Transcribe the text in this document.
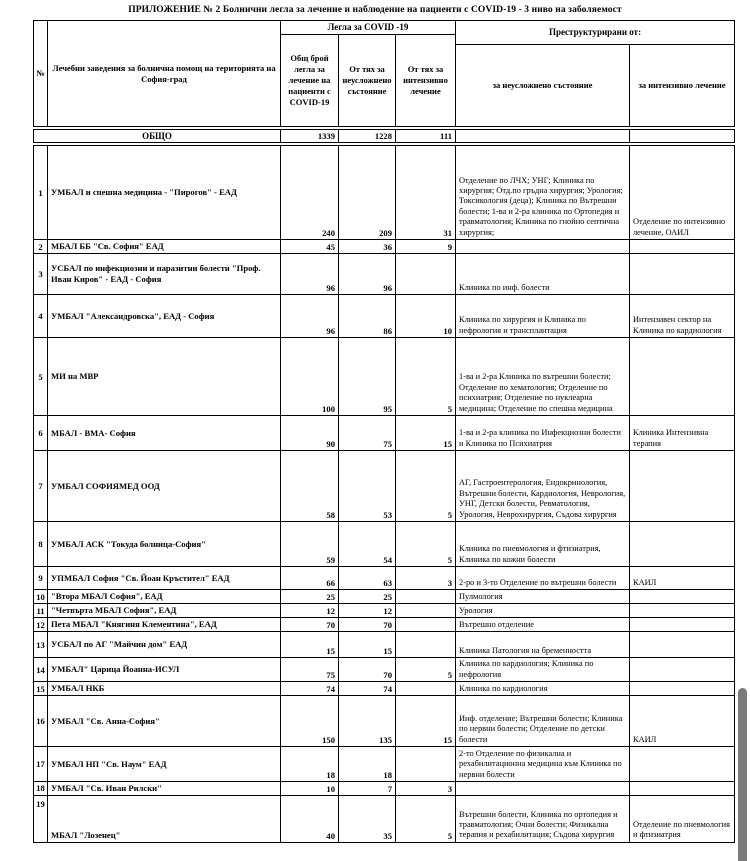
ПРИЛОЖЕНИЕ № 2 Болнични легла за лечение и наблюдение на пациенти с COVID-19 - 3 ниво на заболяемост
№	Лечебни заведения за болнична помощ на територията на София-град	Легла за COVID -19			Преструктурирани от:	
		Общ брой легла за лечение на пациенти с COVID-19	От тях за неусложнено състояние	От тях за интензивно лечение		
					за неусложнено състояние	за интензивно лечение
ОБЩО	1339	1228	111		
1	УМБАЛ и спешна медицина - "Пирогов" - ЕАД	240	209	31	Отделение по ЛЧХ; УНГ; Клиника по хирургия; Отд.по гръдна хирургия; Урология; Токсикология (деца); Клиника по Вътрешни болести; 1-ва и 2-ра клиника по Ортопедия и травматология; Клиника по гнойно септична хирургия;	Отделение по интензивно лечение, ОАИЛ
2	МБАЛ ББ "Св. София" ЕАД	45	36	9		
3	УСБАЛ по инфекциозни и паразитни болести "Проф. Иван Киров" - ЕАД - София	96	96		Клиника по инф. болести	
4	УМБАЛ "Александровска", ЕАД - София	96	86	10	Клиника по хирургия и Клиника по нефрология и трансплантация	Интензивен сектор на Клиника по кардиология
5	МИ на МВР	100	95	5	1-ва и 2-ра Клиника по вътрешни болести; Отделение по хематология; Отделение по психиатрия; Отделение по нуклеарна медицина; Отделение по спешна медицина	
6	МБАЛ - ВМА- София	90	75	15	1-ва и 2-ра клиника по Инфекциозни болести и Клиника по Психиатрия	Клиника Интензивна терапия
7	УМБАЛ СОФИЯМЕД ООД	58	53	5	АГ, Гастроентерология, Ендокринология, Вътрешни болести, Кардиология, Неврология, УНГ, Детски болести, Ревматология, Урология, Неврохирургия, Съдова хирургия	
8	УМБАЛ АСК "Токуда болница-София"	59	54	5	Клиника по пневмология и фтизиатрия, Клиника по кожни болести	
9	УПМБАЛ София "Св. Йоан Кръстител" ЕАД	66	63	3	2-ро и 3-то Отделение по вътрешни болести	КАИЛ
10	"Втора МБАЛ София", ЕАД	25	25		Пулмология	
11	"Четвърта МБАЛ София", ЕАД	12	12		Урология	
12	Пета МБАЛ "Княгиня Клементина", ЕАД	70	70		Вътрешно отделение	
13	УСБАЛ по АГ "Майчин дом" ЕАД	15	15		Клиника Патология на бременността	
14	УМБАЛ" Царица Йоанна-ИСУЛ	75	70	5	Клиника по кардиология; Клиника по нефрология	
15	УМБАЛ НКБ	74	74		Клиника по кардиология	
16	УМБАЛ "Св. Анна-София"	150	135	15	Инф. отделение; Вътрешни болести; Клиника по нервни болести; Отделение по детски болести	КАИЛ
17	УМБАЛ НП "Св. Наум" ЕАД	18	18		2-то Отделение по физикална и рехабилитационна медицина към Клиника по нервни болести	
18	УМБАЛ "Св. Иван Рилски"	10	7	3		
19	МБАЛ "Лозенец"	40	35	5	Вътрешни болести, Клиника по ортопедия и травматология; Очни болести; Физикална терапия и рехабилитация; Съдова хирургия	Отделение по пневмология и фтизиатрия
